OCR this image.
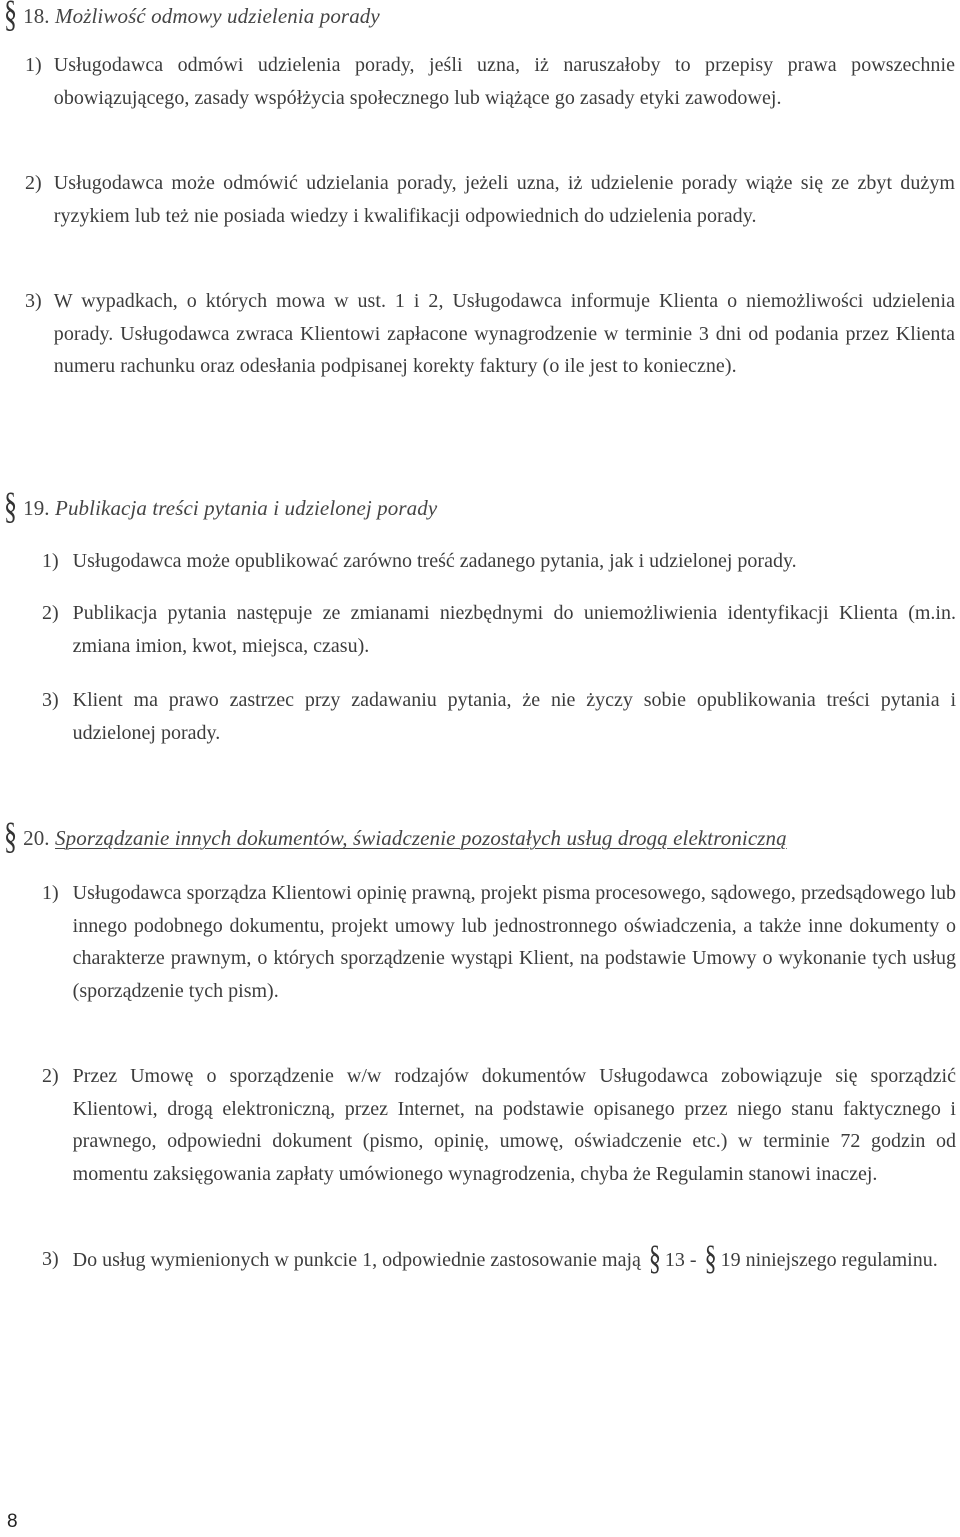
§ 18. Możliwość odmowy udzielenia porady
1) Usługodawca odmówi udzielenia porady, jeśli uzna, iż naruszałoby to przepisy prawa powszechnie obowiązującego, zasady współżycia społecznego lub wiążące go zasady etyki zawodowej.
2) Usługodawca może odmówić udzielania porady, jeżeli uzna, iż udzielenie porady wiąże się ze zbyt dużym ryzykiem lub też nie posiada wiedzy i kwalifikacji odpowiednich do udzielenia porady.
3) W wypadkach, o których mowa w ust. 1 i 2, Usługodawca informuje Klienta o niemożliwości udzielenia porady. Usługodawca zwraca Klientowi zapłacone wynagrodzenie w terminie 3 dni od podania przez Klienta numeru rachunku oraz odesłania podpisanej korekty faktury (o ile jest to konieczne).
§ 19. Publikacja treści pytania i udzielonej porady
1) Usługodawca może opublikować zarówno treść zadanego pytania, jak i udzielonej porady.
2) Publikacja pytania następuje ze zmianami niezbędnymi do uniemożliwienia identyfikacji Klienta (m.in. zmiana imion, kwot, miejsca, czasu).
3) Klient ma prawo zastrzec przy zadawaniu pytania, że nie życzy sobie opublikowania treści pytania i udzielonej porady.
§ 20. Sporządzanie innych dokumentów, świadczenie pozostałych usług drogą elektroniczną
1) Usługodawca sporządza Klientowi opinię prawną, projekt pisma procesowego, sądowego, przedsądowego lub innego podobnego dokumentu, projekt umowy lub jednostronnego oświadczenia, a także inne dokumenty o charakterze prawnym, o których sporządzenie wystąpi Klient, na podstawie Umowy o wykonanie tych usług (sporządzenie tych pism).
2) Przez Umowę o sporządzenie w/w rodzajów dokumentów Usługodawca zobowiązuje się sporządzić Klientowi, drogą elektroniczną, przez Internet, na podstawie opisanego przez niego stanu faktycznego i prawnego, odpowiedni dokument (pismo, opinię, umowę, oświadczenie etc.) w terminie 72 godzin od momentu zaksięgowania zapłaty umówionego wynagrodzenia, chyba że Regulamin stanowi inaczej.
3) Do usług wymienionych w punkcie 1, odpowiednie zastosowanie mają § 13 - § 19 niniejszego regulaminu.
8
